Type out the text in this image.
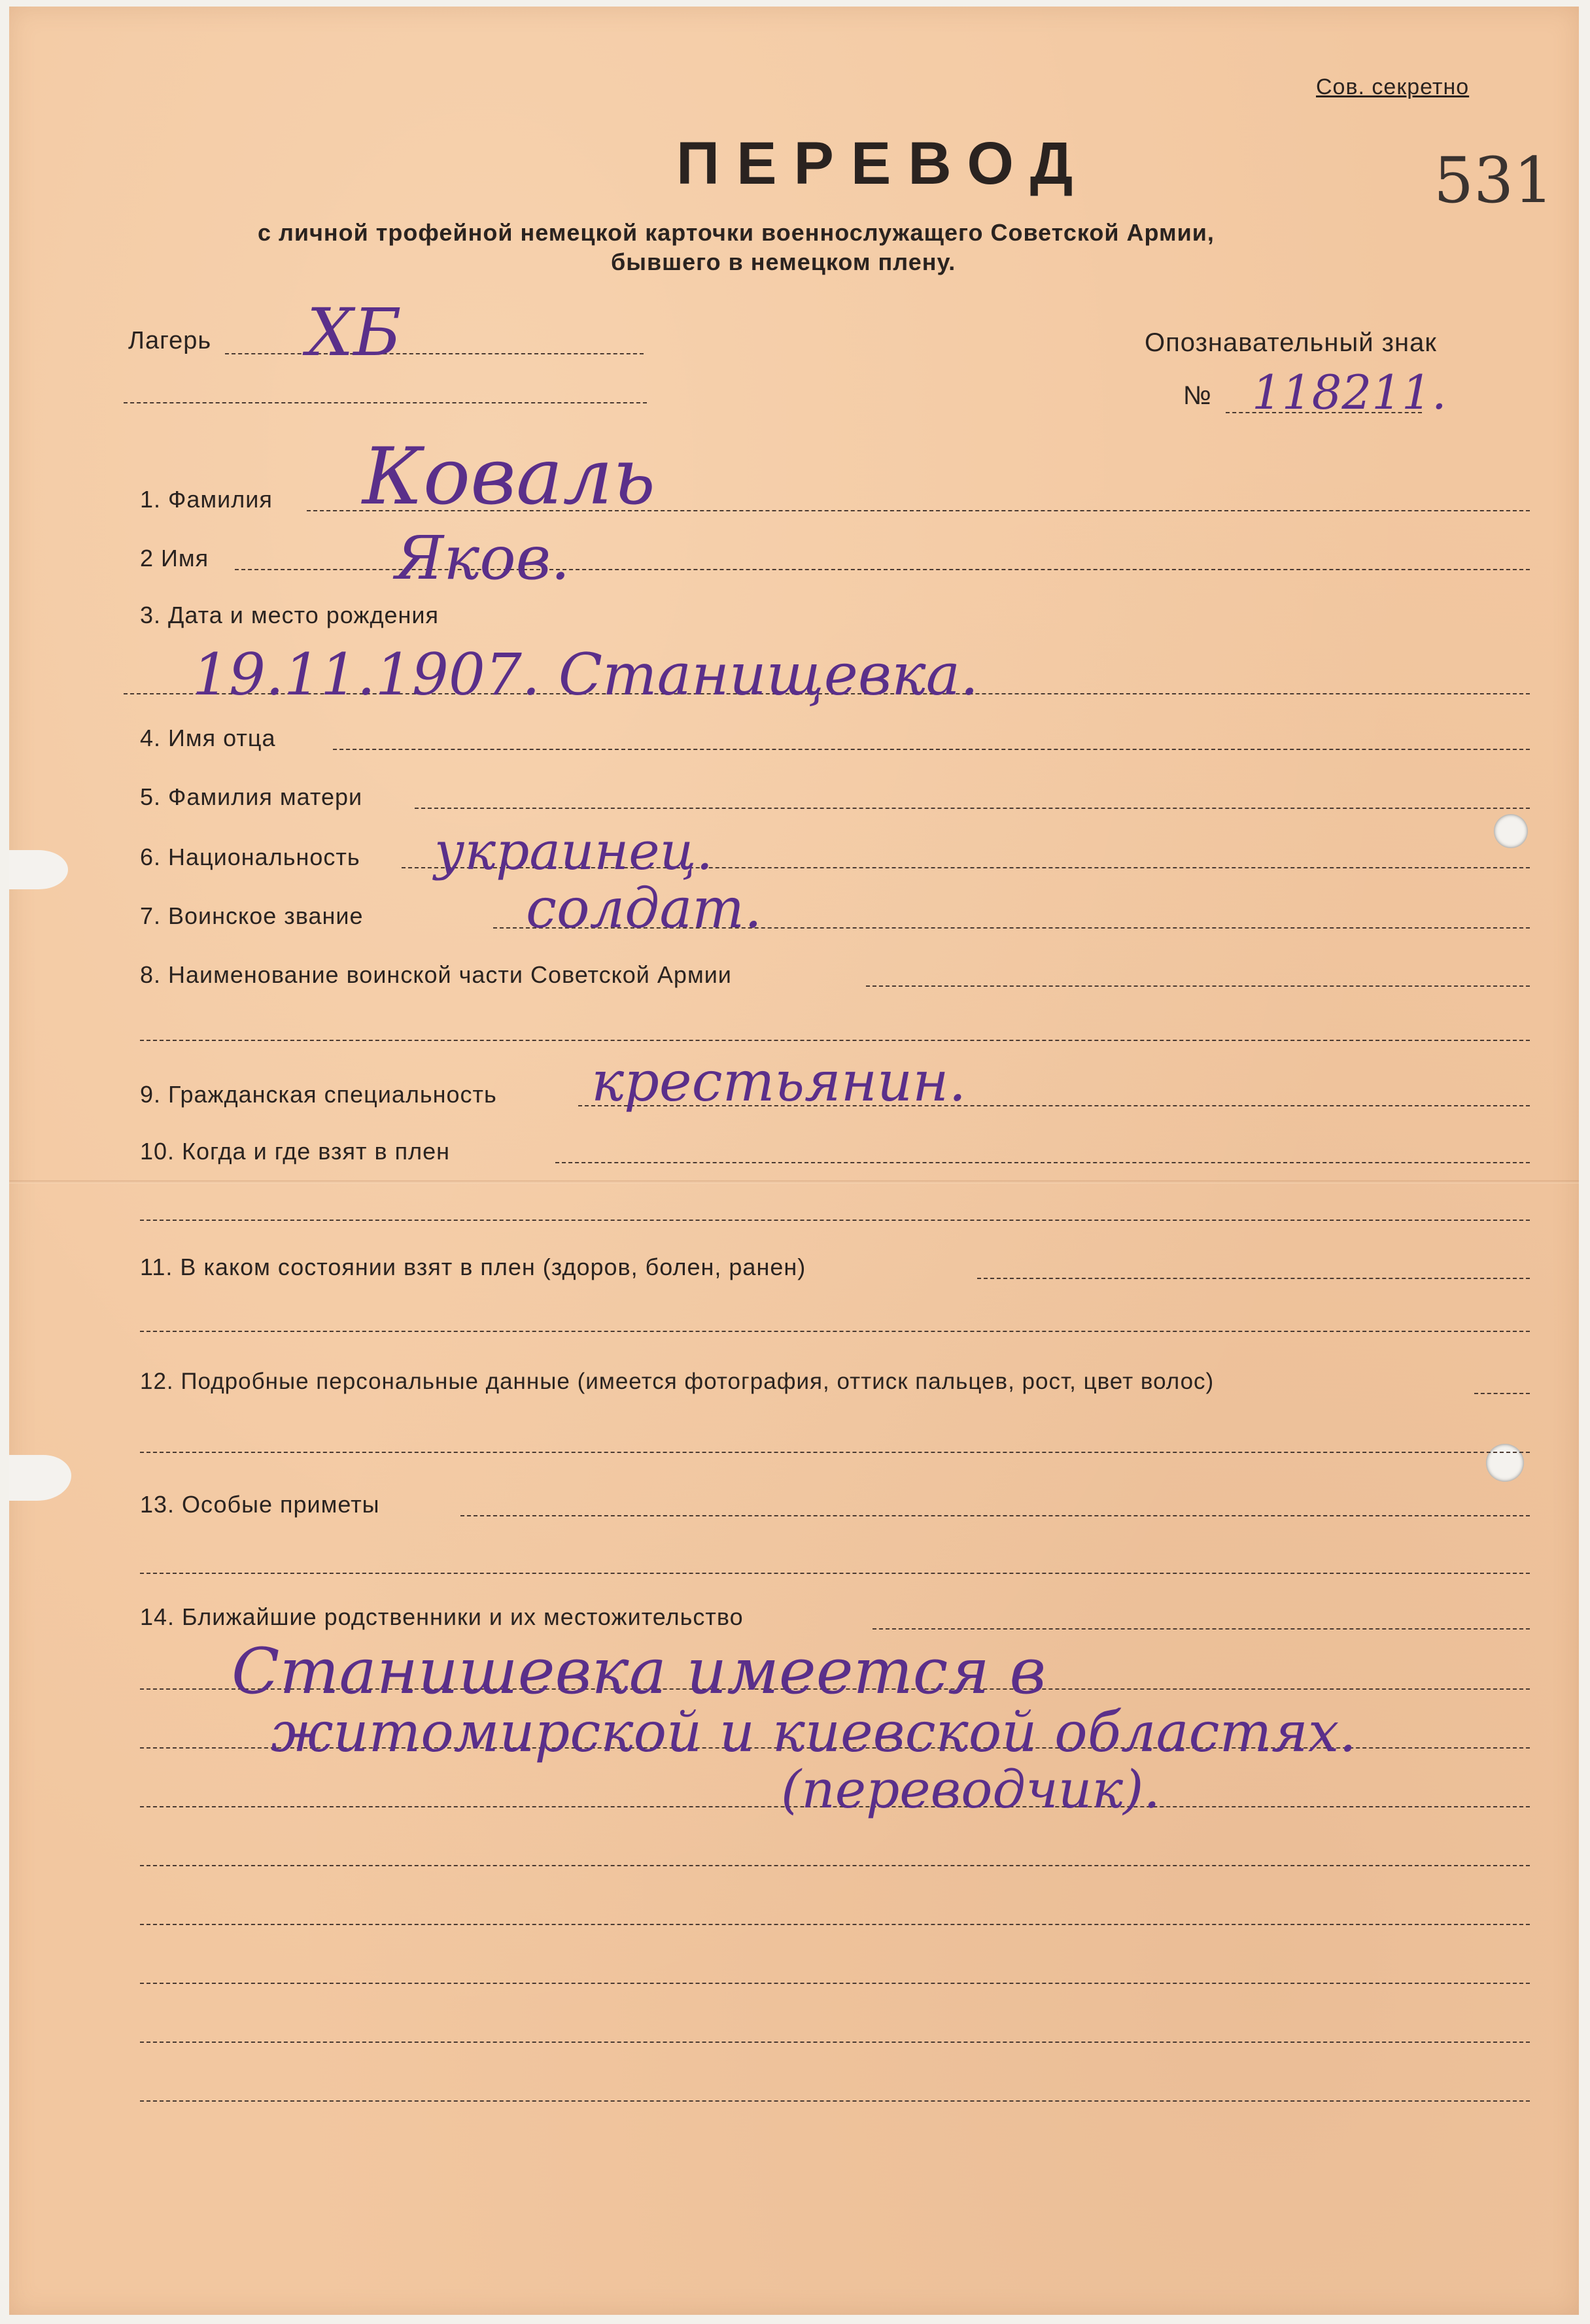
Сов. секретно
531
ПЕРЕВОД
с личной трофейной немецкой карточки военнослужащего Советской Армии,
бывшего в немецком плену.
Лагерь ХБ	Опознавательный знак
№ 118211.
1. Фамилия Коваль
2 Имя	Яков.
3. Дата и место рождения
19.11.1907. Станищевка.
4. Имя отца
5. Фамилия матери
6. Национальность украинец.
7. Воинское звание	солдат.
8. Наименование воинской части Советской Армии
9. Гражданская специальность крестьянин.
10. Когда и где взят в плен
11. В каком состоянии взят в плен (здоров, болен, ранен)
12. Подробные персональные данные (имеется фотография, оттиск пальцев, рост, цвет волос)
13. Особые приметы
14. Ближайшие родственники и их местожительство
Станишевка имеется в
житомирской и киевской областях.
(переводчик).
